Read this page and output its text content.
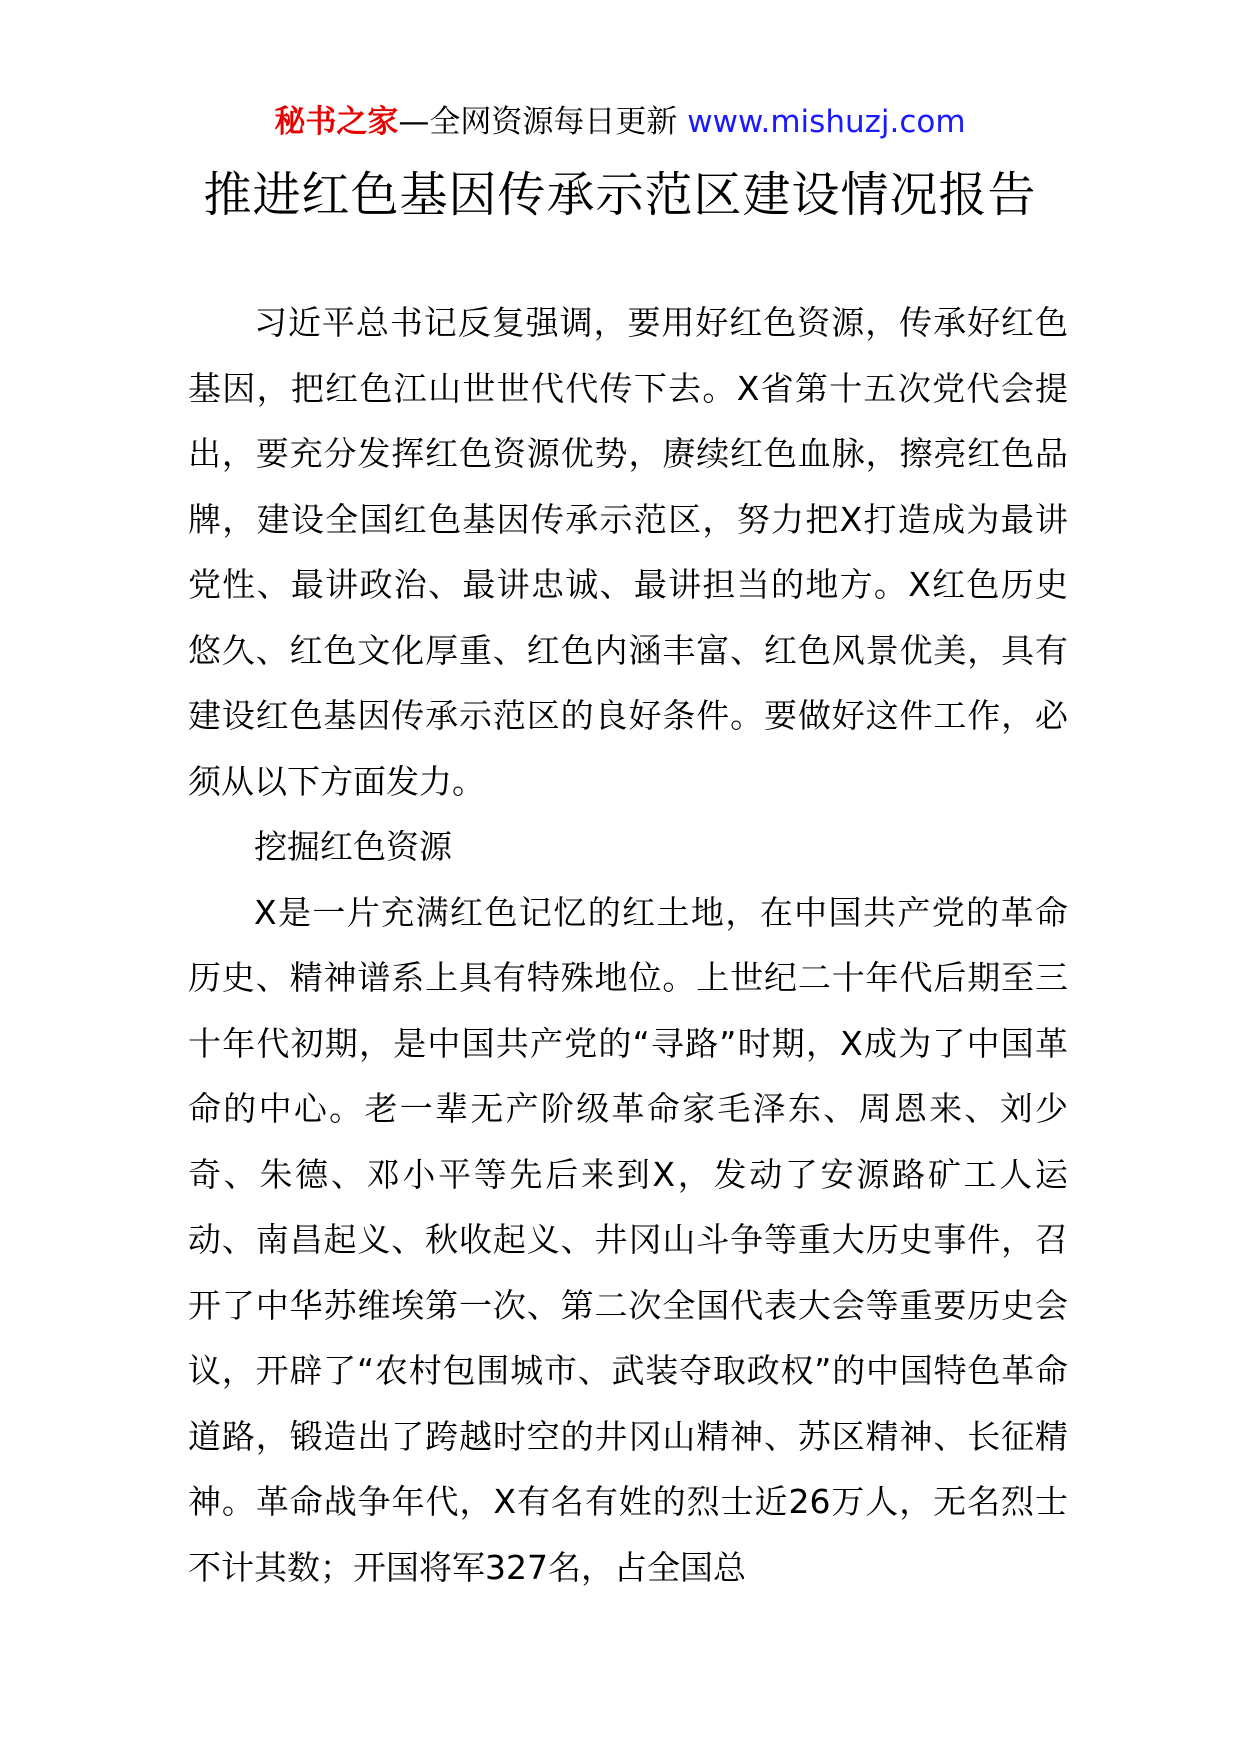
秘书之家—全网资源每日更新 www.mishuzj.com
推进红色基因传承示范区建设情况报告

习近平总书记反复强调，要用好红色资源，传承好红色基因，把红色江山世世代代传下去。X省第十五次党代会提出，要充分发挥红色资源优势，赓续红色血脉，擦亮红色品牌，建设全国红色基因传承示范区，努力把X打造成为最讲党性、最讲政治、最讲忠诚、最讲担当的地方。X红色历史悠久、红色文化厚重、红色内涵丰富、红色风景优美，具有建设红色基因传承示范区的良好条件。要做好这件工作，必须从以下方面发力。

挖掘红色资源

X是一片充满红色记忆的红土地，在中国共产党的革命历史、精神谱系上具有特殊地位。上世纪二十年代后期至三十年代初期，是中国共产党的“寻路”时期，X成为了中国革命的中心。老一辈无产阶级革命家毛泽东、周恩来、刘少奇、朱德、邓小平等先后来到X，发动了安源路矿工人运动、南昌起义、秋收起义、井冈山斗争等重大历史事件，召开了中华苏维埃第一次、第二次全国代表大会等重要历史会议，开辟了“农村包围城市、武装夺取政权”的中国特色革命道路，锻造出了跨越时空的井冈山精神、苏区精神、长征精神。革命战争年代，X有名有姓的烈士近26万人，无名烈士不计其数；开国将军327名，占全国总
